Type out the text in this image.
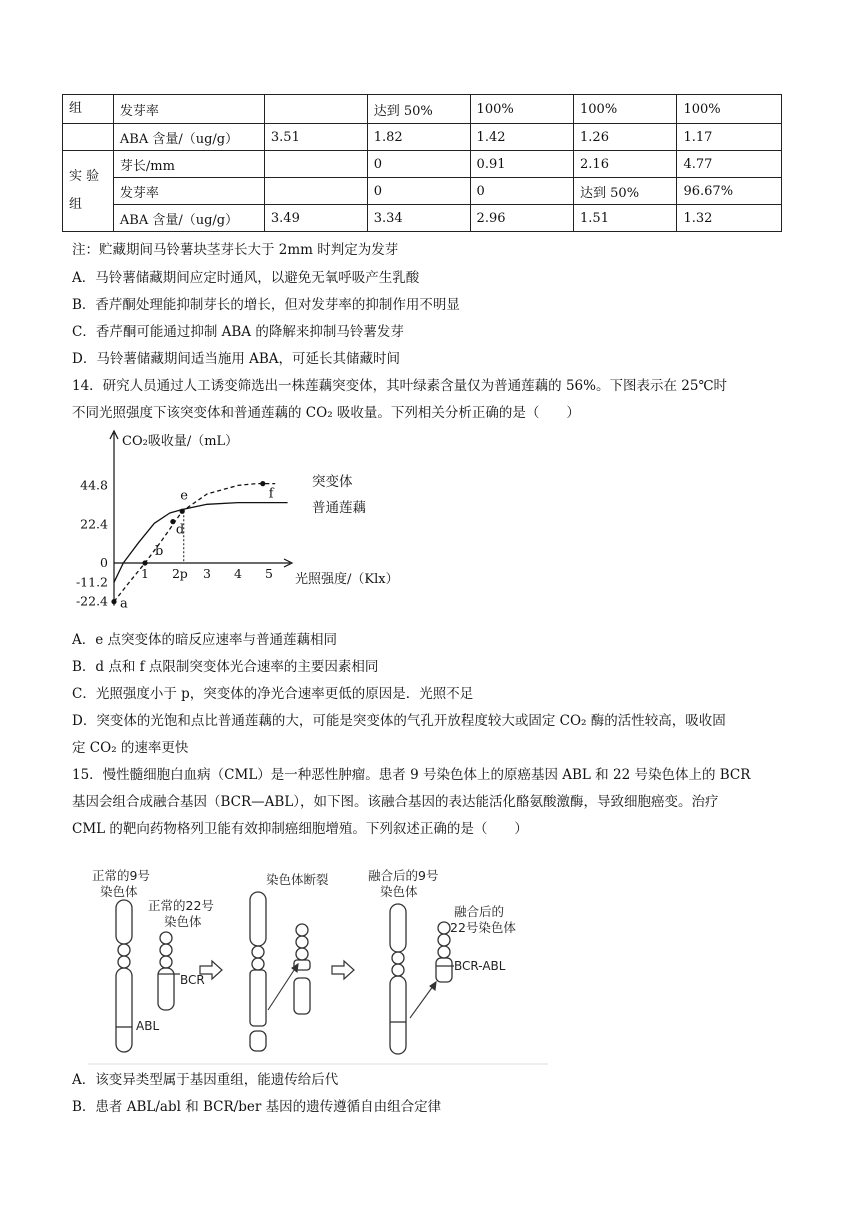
组	发芽率		达到 50%	100%	100%	100%
	ABA 含量/（ug/g）	3.51	1.82	1.42	1.26	1.17
实 验 组	芽长/mm		0	0.91	2.16	4.77
	发芽率		0	0	达到 50%	96.67%
	ABA 含量/（ug/g）	3.49	3.34	2.96	1.51	1.32
注：贮藏期间马铃薯块茎芽长大于 2mm 时判定为发芽
A．马铃薯储藏期间应定时通风，以避免无氧呼吸产生乳酸
B．香芹酮处理能抑制芽长的增长，但对发芽率的抑制作用不明显
C．香芹酮可能通过抑制 ABA 的降解来抑制马铃薯发芽
D．马铃薯储藏期间适当施用 ABA，可延长其储藏时间
14．研究人员通过人工诱变筛选出一株莲藕突变体，其叶绿素含量仅为普通莲藕的 56%。下图表示在 25℃时
不同光照强度下该突变体和普通莲藕的 CO₂ 吸收量。下列相关分析正确的是（　　）
44.8
22.4
0
-11.2
-22.4
1 2 p 3 4 5
a
b
d
e	f
CO₂吸收量/（mL）
光照强度/（Klx）
突变体
普通莲藕
A．e 点突变体的暗反应速率与普通莲藕相同
B．d 点和 f 点限制突变体光合速率的主要因素相同
C．光照强度小于 p，突变体的净光合速率更低的原因是．光照不足
D．突变体的光饱和点比普通莲藕的大，可能是突变体的气孔开放程度较大或固定 CO₂ 酶的活性较高，吸收固
定 CO₂ 的速率更快
15．慢性髓细胞白血病（CML）是一种恶性肿瘤。患者 9 号染色体上的原癌基因 ABL 和 22 号染色体上的 BCR
基因会组合成融合基因（BCR—ABL），如下图。该融合基因的表达能活化酪氨酸激酶，导致细胞癌变。治疗
CML 的靶向药物格列卫能有效抑制癌细胞增殖。下列叙述正确的是（　　）
正常的9号
染色体
正常的22号
染色体
染色体断裂	融合后的9号
染色体
融合后的
22号染色体
BCR
ABL
BCR-ABL
A．该变异类型属于基因重组，能遗传给后代
B．患者 ABL/abl 和 BCR/ber 基因的遗传遵循自由组合定律
